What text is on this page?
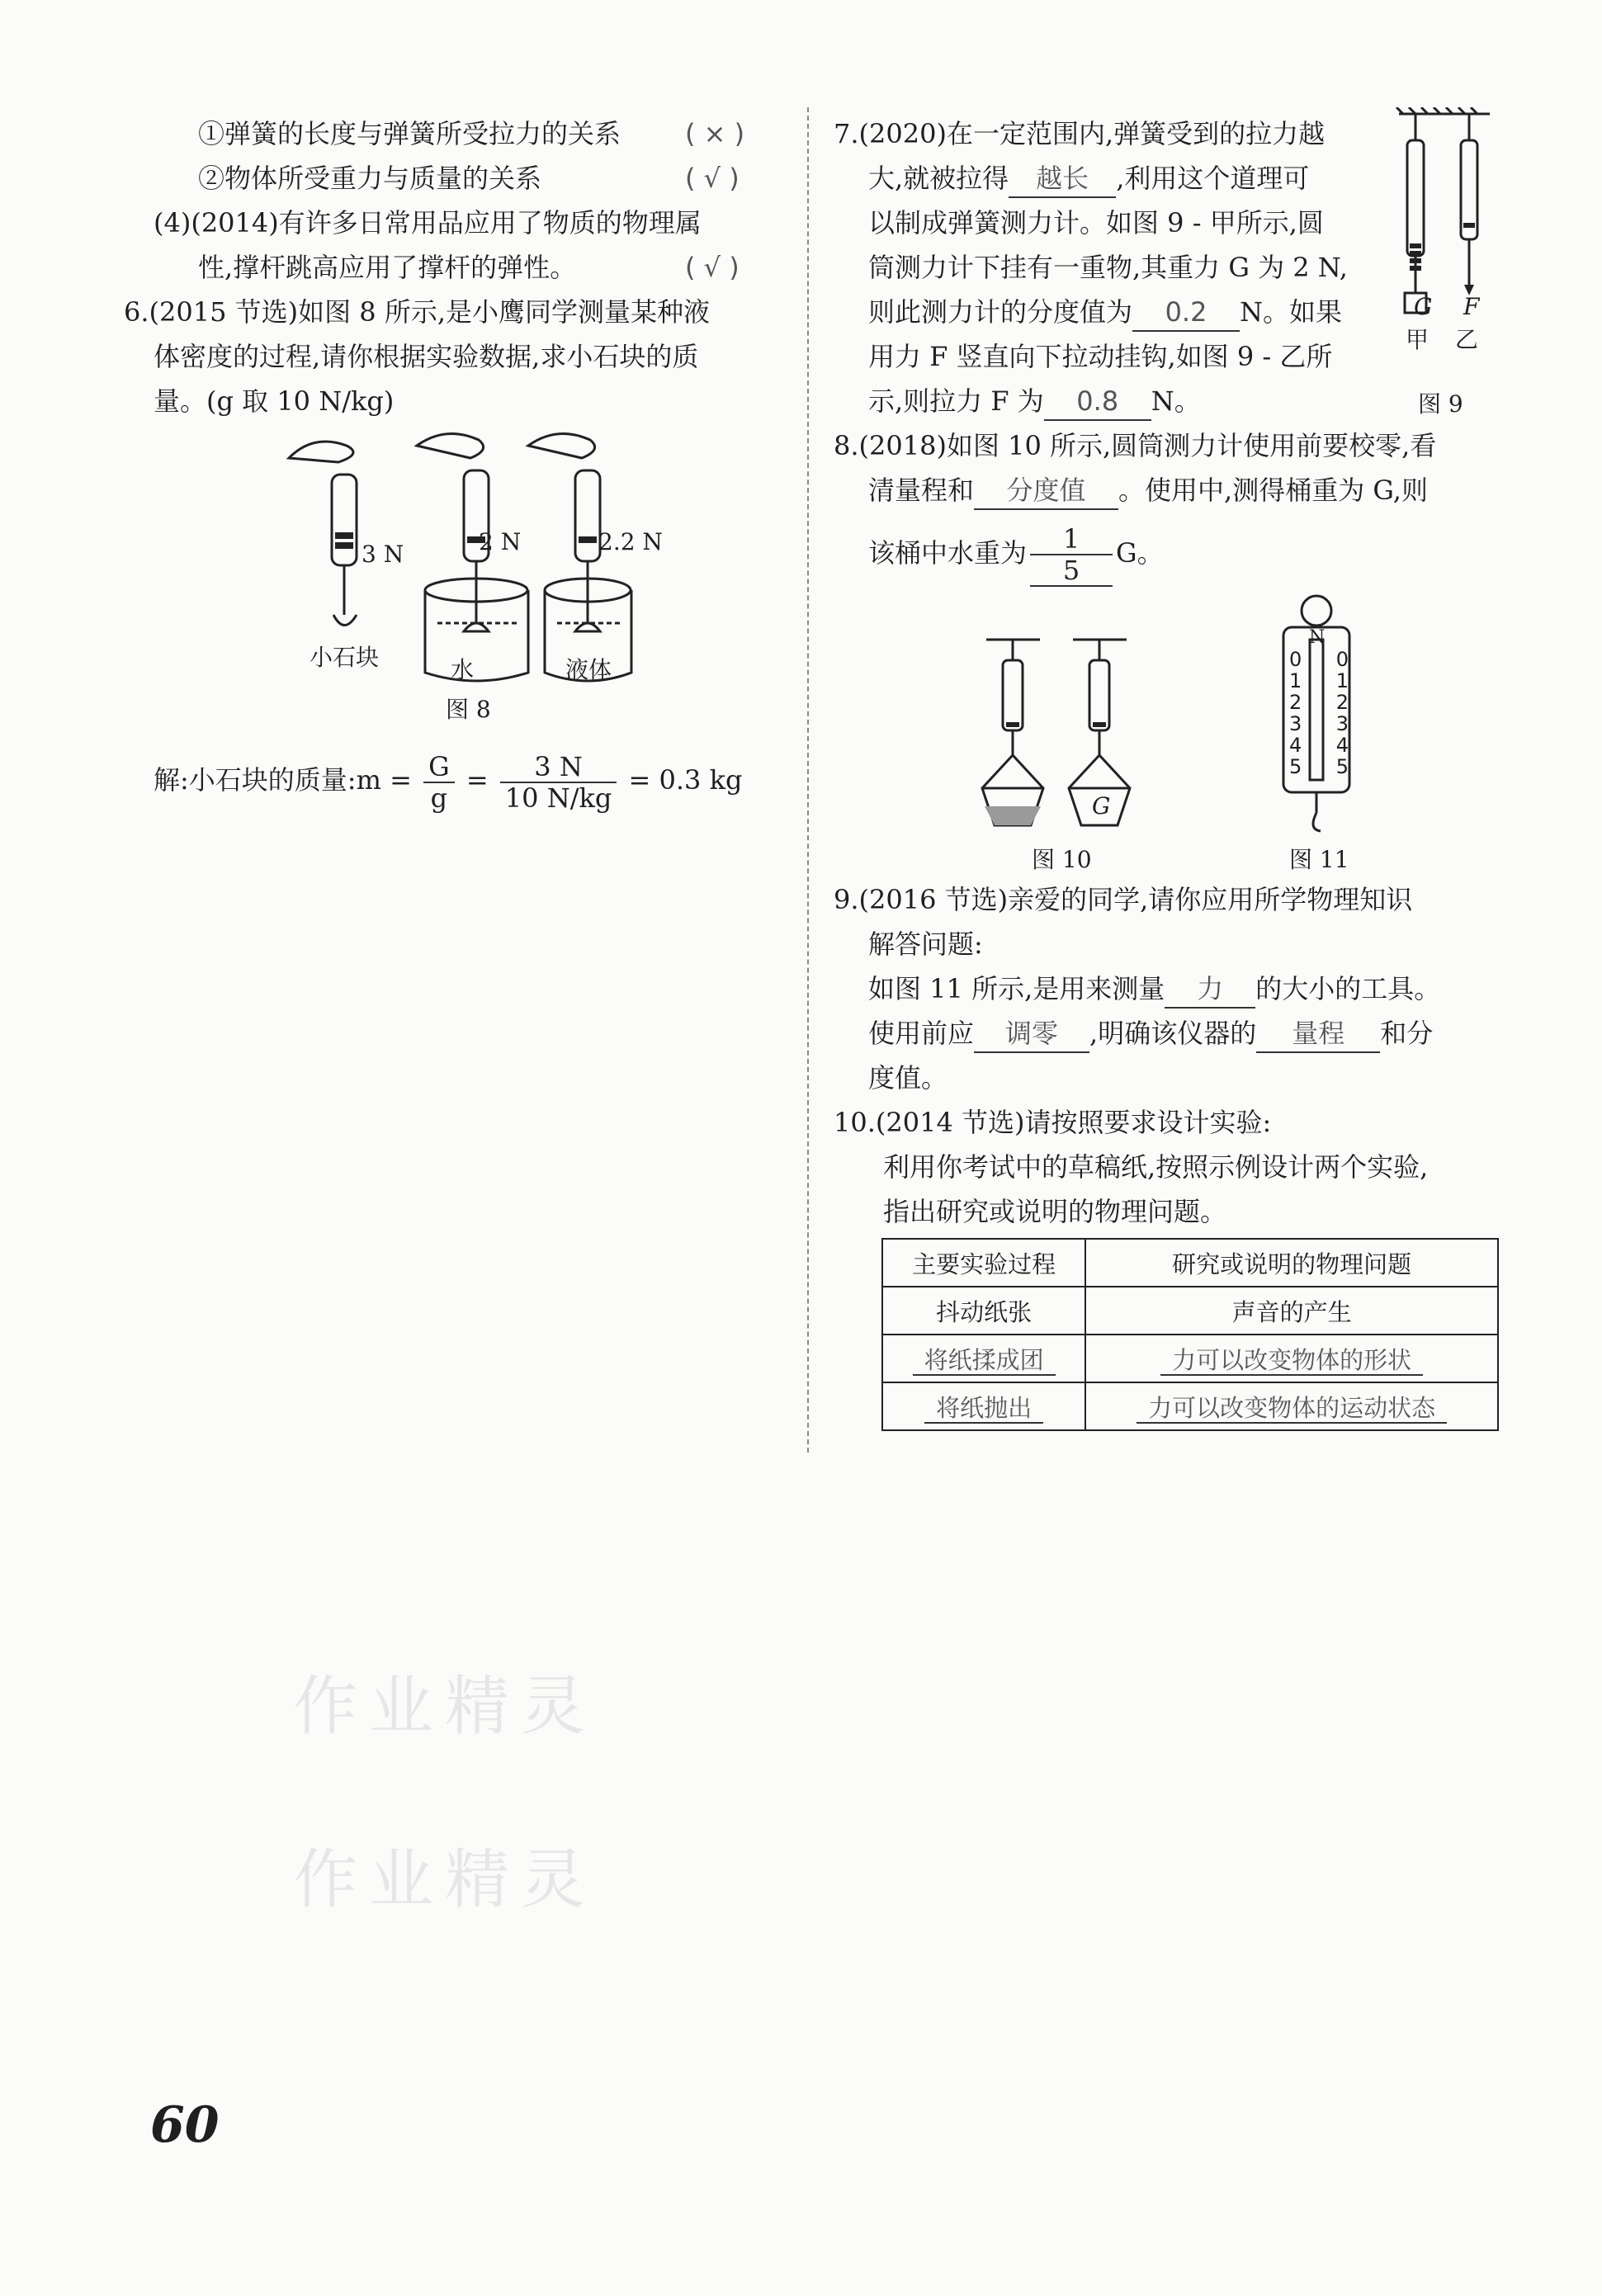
①弹簧的长度与弹簧所受拉力的关系 ( × )
②物体所受重力与质量的关系	( √ )
(4)(2014)有许多日常用品应用了物质的物理属
性,撑杆跳高应用了撑杆的弹性。	( √ )
6.(2015 节选)如图 8 所示,是小鹰同学测量某种液
体密度的过程,请你根据实验数据,求小石块的质
量。(g 取 10 N/kg)
3 N	2 N	2.2 N
小石块	水	液体
图 8
解:小石块的质量:m = $\frac{G}{g} = \frac{3 N}{10 N/kg} = 0.3$ kg
7.(2020)在一定范围内,弹簧受到的拉力越
大,就被拉得 越长 ,利用这个道理可
以制成弹簧测力计。如图 9 - 甲所示,圆
筒测力计下挂有一重物,其重力 G 为 2 N,
则此测力计的分度值为 0.2 N。如果
用力 F 竖直向下拉动挂钩,如图 9 - 乙所
示,则拉力 F 为 0.8 N。
G F
甲 乙
图 9
8.(2018)如图 10 所示,圆筒测力计使用前要校零,看
清量程和 分度值 。使用中,测得桶重为 G,则
该桶中水重为 $\frac{1}{5}$ G。
G
图 10
N
0 0
1 1
2 2
3 3
4 4
5 5
图 11
9.(2016 节选)亲爱的同学,请你应用所学物理知识
解答问题:
如图 11 所示,是用来测量 力 的大小的工具。
使用前应 调零 ,明确该仪器的 量程 和分
度值。
10.(2014 节选)请按照要求设计实验:
利用你考试中的草稿纸,按照示例设计两个实验,
指出研究或说明的物理问题。
主要实验过程	研究或说明的物理问题
抖动纸张	声音的产生
将纸揉成团	力可以改变物体的形状
将纸抛出	力可以改变物体的运动状态
作业精灵
作业精灵
60
